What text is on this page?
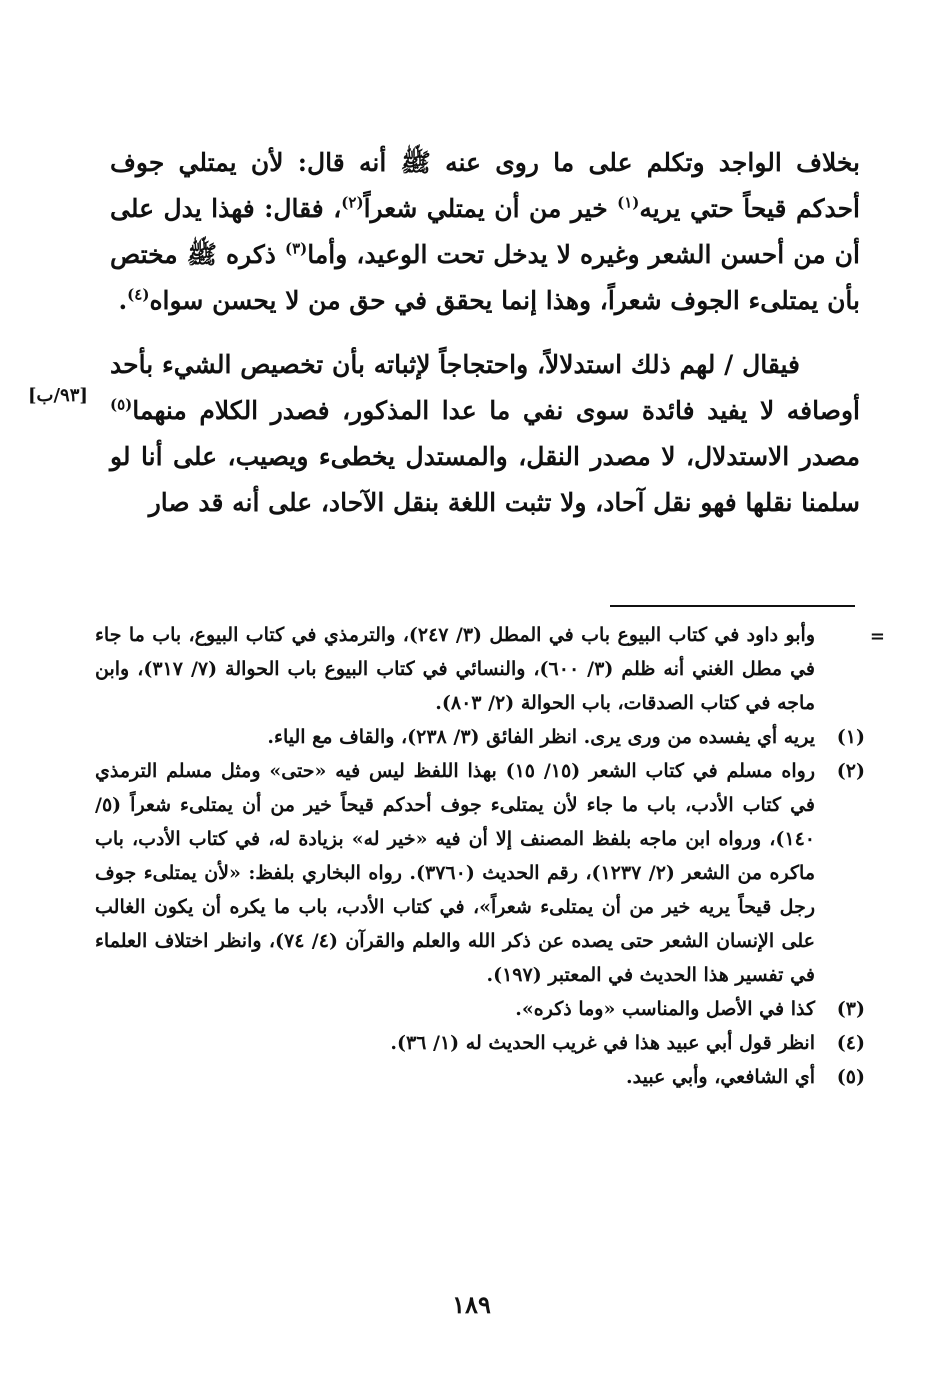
بخلاف الواجد وتكلم على ما روى عنه ﷺ أنه قال: لأن يمتلي جوف أحدكم قيحاً حتي يريه$^{(١)}$ خير من أن يمتلي شعراً$^{(٢)}$، فقال: فهذا يدل على أن من أحسن الشعر وغيره لا يدخل تحت الوعيد، وأما$^{(٣)}$ ذكره ﷺ مختص بأن يمتلىء الجوف شعراً، وهذا إنما يحقق في حق من لا يحسن سواه$^{(٤)}$.

فيقال / لهم ذلك استدلالاً، واحتجاجاً لإثباته بأن تخصيص الشيء بأحد أوصافه لا يفيد فائدة سوى نفي ما عدا المذكور، فصدر الكلام منهما$^{(٥)}$ مصدر الاستدلال، لا مصدر النقل، والمستدل يخطىء ويصيب، على أنا لو سلمنا نقلها فهو نقل آحاد، ولا تثبت اللغة بنقل الآحاد، على أنه قد صار

[٩٣/ب]

=
وأبو داود في كتاب البيوع باب في المطل (٣/ ٢٤٧)، والترمذي في كتاب البيوع، باب ما جاء في مطل الغني أنه ظلم (٣/ ٦٠٠)، والنسائي في كتاب البيوع باب الحوالة (٧/ ٣١٧)، وابن ماجه في كتاب الصدقات، باب الحوالة (٢/ ٨٠٣).

(١)
يريه أي يفسده من ورى يرى. انظر الفائق (٣/ ٢٣٨)، والقاف مع الياء.

(٢)
رواه مسلم في كتاب الشعر (١٥/ ١٥) بهذا اللفظ ليس فيه «حتى» ومثل مسلم الترمذي في كتاب الأدب، باب ما جاء لأن يمتلىء جوف أحدكم قيحاً خير من أن يمتلىء شعراً (٥/ ١٤٠)، ورواه ابن ماجه بلفظ المصنف إلا أن فيه «خير له» بزيادة له، في كتاب الأدب، باب ماكره من الشعر (٢/ ١٢٣٧)، رقم الحديث (٣٧٦٠). رواه البخاري بلفظ: «لأن يمتلىء جوف رجل قيحاً يريه خير من أن يمتلىء شعراً»، في كتاب الأدب، باب ما يكره أن يكون الغالب على الإنسان الشعر حتى يصده عن ذكر الله والعلم والقرآن (٤/ ٧٤)، وانظر اختلاف العلماء في تفسير هذا الحديث في المعتبر (١٩٧).

(٣)
كذا في الأصل والمناسب «وما ذكره».

(٤)
انظر قول أبي عبيد هذا في غريب الحديث له (١/ ٣٦).

(٥)
أي الشافعي، وأبي عبيد.

١٨٩
